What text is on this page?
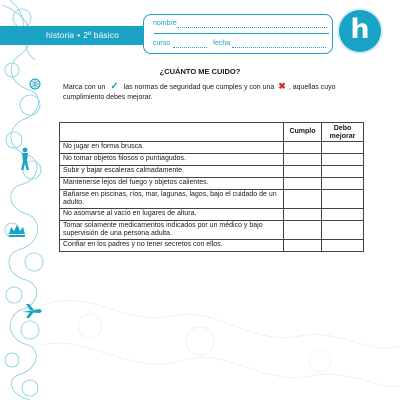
historia • 2º básico
nombre
curso	fecha	h
¿CUÁNTO ME CUIDO?
Marca con un ✓ las normas de seguridad que cumples y con una ✖ , aquellas cuyo cumplimiento debes mejorar.
	Cumplo	Debo mejorar
No jugar en forma brusca.		
No tomar objetos filosos o puntiagudos.		
Subir y bajar escaleras calmadamente.		
Mantenerse lejos del fuego y objetos calientes.		
Bañarse en piscinas, ríos, mar, lagunas, lagos, bajo el cuidado de un adulto.		
No asomarse al vacío en lugares de altura.		
Tomar solamente medicamentos indicados por un médico y bajo supervisión de una persona adulta.		
Confiar en los padres y no tener secretos con ellos.		
